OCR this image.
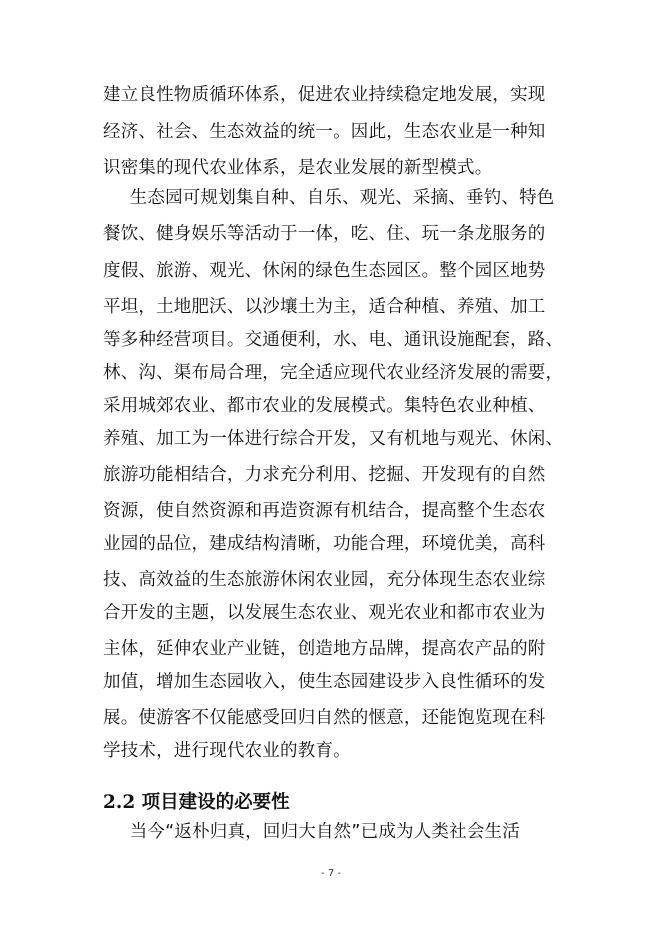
建立良性物质循环体系，促进农业持续稳定地发展，实现
经济、社会、生态效益的统一。因此，生态农业是一种知
识密集的现代农业体系，是农业发展的新型模式。
　生态园可规划集自种、自乐、观光、采摘、垂钓、特色
餐饮、健身娱乐等活动于一体，吃、住、玩一条龙服务的
度假、旅游、观光、休闲的绿色生态园区。整个园区地势
平坦，土地肥沃、以沙壤土为主，适合种植、养殖、加工
等多种经营项目。交通便利，水、电、通讯设施配套，路、
林、沟、渠布局合理，完全适应现代农业经济发展的需要，
采用城郊农业、都市农业的发展模式。集特色农业种植、
养殖、加工为一体进行综合开发，又有机地与观光、休闲、
旅游功能相结合，力求充分利用、挖掘、开发现有的自然
资源，使自然资源和再造资源有机结合，提高整个生态农
业园的品位，建成结构清晰，功能合理，环境优美，高科
技、高效益的生态旅游休闲农业园，充分体现生态农业综
合开发的主题，以发展生态农业、观光农业和都市农业为
主体，延伸农业产业链，创造地方品牌，提高农产品的附
加值，增加生态园收入，使生态园建设步入良性循环的发
展。使游客不仅能感受回归自然的惬意，还能饱览现在科
学技术，进行现代农业的教育。
2.2 项目建设的必要性
　当今“返朴归真，回归大自然”已成为人类社会生活
- 7 -
